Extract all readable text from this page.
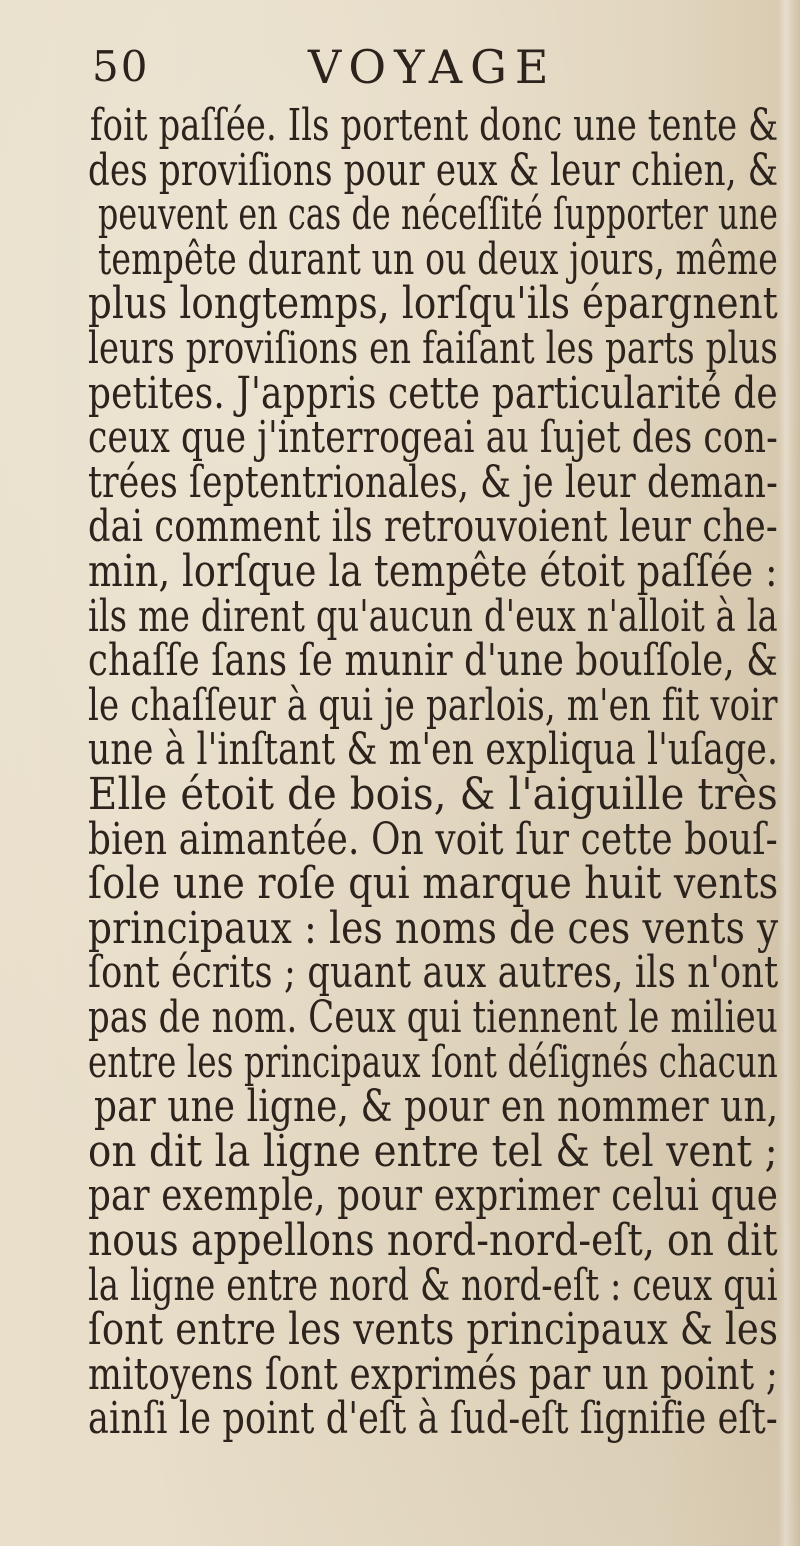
50	VOYAGE
foit paſſée. Ils portent donc une tente &
des proviſions pour eux & leur chien, &
peuvent en cas de néceſſité ſupporter une
tempête durant un ou deux jours, même
plus longtemps, lorſqu'ils épargnent
leurs proviſions en faiſant les parts plus
petites. J'appris cette particularité de
ceux que j'interrogeai au ſujet des con-
trées ſeptentrionales, & je leur deman-
dai comment ils retrouvoient leur che-
min, lorſque la tempête étoit paſſée :
ils me dirent qu'aucun d'eux n'alloit à la
chaſſe ſans ſe munir d'une bouſſole, &
le chaſſeur à qui je parlois, m'en fit voir
une à l'inſtant & m'en expliqua l'uſage.
Elle étoit de bois, & l'aiguille très
bien aimantée. On voit ſur cette bouſ-
ſole une roſe qui marque huit vents
principaux : les noms de ces vents y
ſont écrits ; quant aux autres, ils n'ont
pas de nom. Ceux qui tiennent le milieu
entre les principaux ſont déſignés chacun
par une ligne, & pour en nommer un,
on dit la ligne entre tel & tel vent ;
par exemple, pour exprimer celui que
nous appellons nord-nord-eſt, on dit
la ligne entre nord & nord-eſt : ceux qui
ſont entre les vents principaux & les
mitoyens ſont exprimés par un point ;
ainſi le point d'eſt à ſud-eſt ſignifie eſt-
